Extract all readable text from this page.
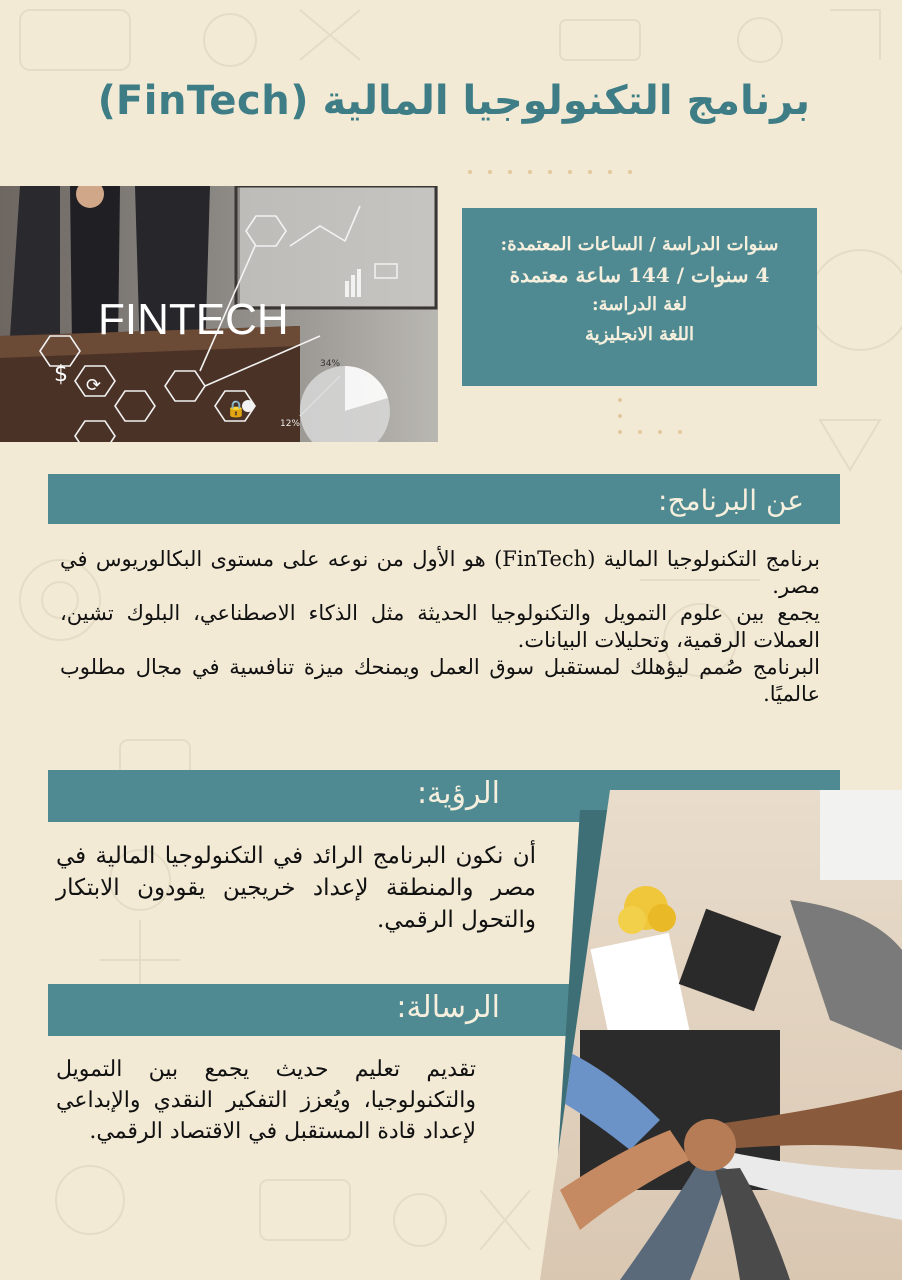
برنامج التكنولوجيا المالية (FinTech)
FINTECH
34%
12%
$ ⟳
🔒
سنوات الدراسة / الساعات المعتمدة:
4 سنوات / 144 ساعة معتمدة
لغة الدراسة:
اللغة الانجليزية
عن البرنامج:

برنامج التكنولوجيا المالية (FinTech) هو الأول من نوعه على مستوى البكالوريوس في مصر.

يجمع بين علوم التمويل والتكنولوجيا الحديثة مثل الذكاء الاصطناعي، البلوك تشين، العملات الرقمية، وتحليلات البيانات.

البرنامج صُمم ليؤهلك لمستقبل سوق العمل ويمنحك ميزة تنافسية في مجال مطلوب عالميًا.

الرؤية:
أن نكون البرنامج الرائد في التكنولوجيا المالية في مصر والمنطقة لإعداد خريجين يقودون الابتكار والتحول الرقمي.
الرسالة:
تقديم تعليم حديث يجمع بين التمويل والتكنولوجيا، ويُعزز التفكير النقدي والإبداعي لإعداد قادة المستقبل في الاقتصاد الرقمي.
